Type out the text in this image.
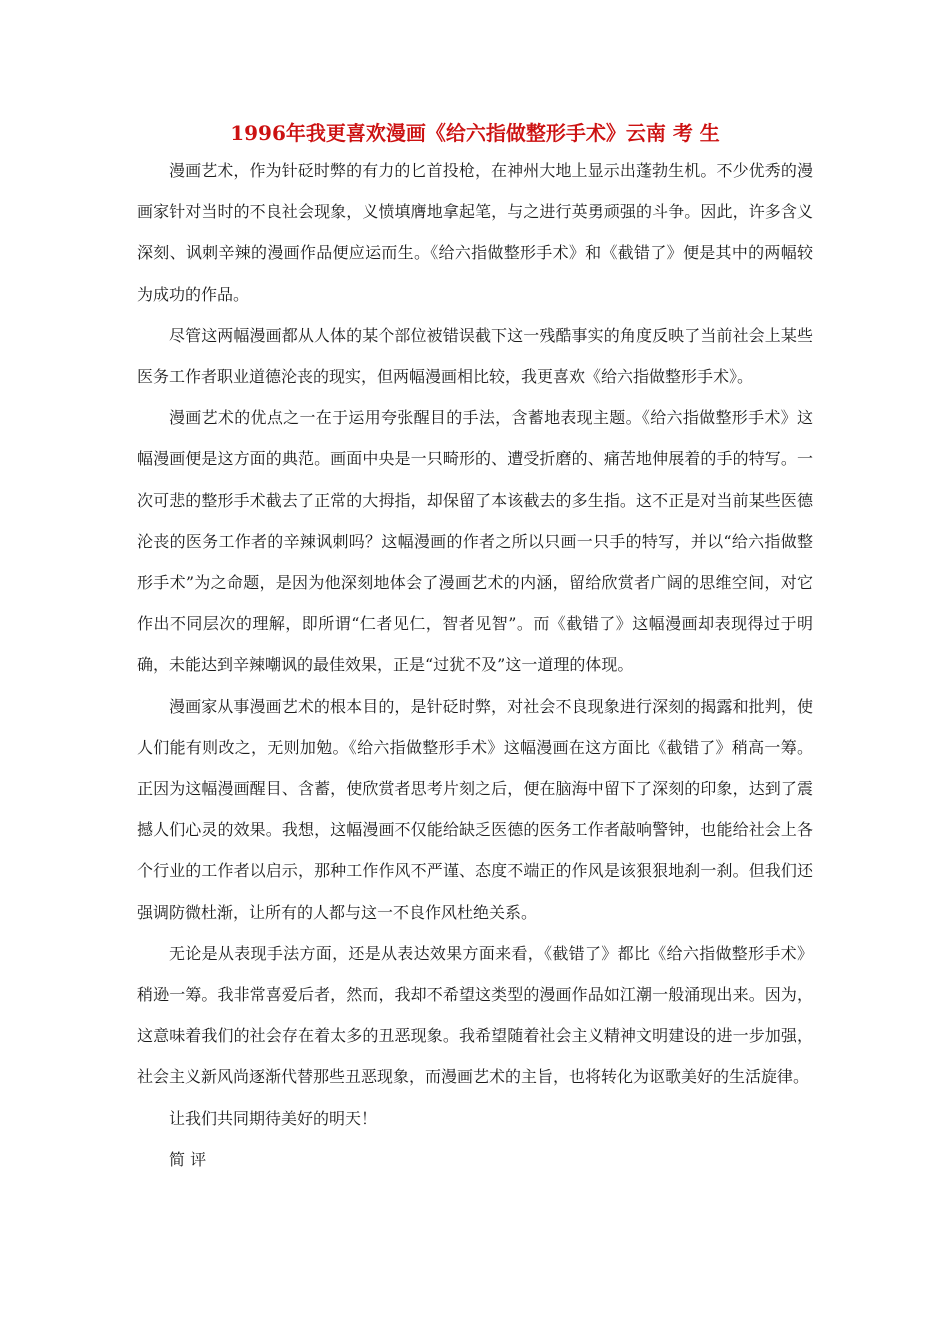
1996年我更喜欢漫画《给六指做整形手术》云南 考 生

漫画艺术，作为针砭时弊的有力的匕首投枪，在神州大地上显示出蓬勃生机。不少优秀的漫画家针对当时的不良社会现象，义愤填膺地拿起笔，与之进行英勇顽强的斗争。因此，许多含义深刻、讽刺辛辣的漫画作品便应运而生。《给六指做整形手术》和《截错了》便是其中的两幅较为成功的作品。

尽管这两幅漫画都从人体的某个部位被错误截下这一残酷事实的角度反映了当前社会上某些医务工作者职业道德沦丧的现实，但两幅漫画相比较，我更喜欢《给六指做整形手术》。

漫画艺术的优点之一在于运用夸张醒目的手法，含蓄地表现主题。《给六指做整形手术》这幅漫画便是这方面的典范。画面中央是一只畸形的、遭受折磨的、痛苦地伸展着的手的特写。一次可悲的整形手术截去了正常的大拇指，却保留了本该截去的多生指。这不正是对当前某些医德沦丧的医务工作者的辛辣讽刺吗？这幅漫画的作者之所以只画一只手的特写，并以“给六指做整形手术”为之命题，是因为他深刻地体会了漫画艺术的内涵，留给欣赏者广阔的思维空间，对它作出不同层次的理解，即所谓“仁者见仁，智者见智”。而《截错了》这幅漫画却表现得过于明确，未能达到辛辣嘲讽的最佳效果，正是“过犹不及”这一道理的体现。

漫画家从事漫画艺术的根本目的，是针砭时弊，对社会不良现象进行深刻的揭露和批判，使人们能有则改之，无则加勉。《给六指做整形手术》这幅漫画在这方面比《截错了》稍高一筹。正因为这幅漫画醒目、含蓄，使欣赏者思考片刻之后，便在脑海中留下了深刻的印象，达到了震撼人们心灵的效果。我想，这幅漫画不仅能给缺乏医德的医务工作者敲响警钟，也能给社会上各个行业的工作者以启示，那种工作作风不严谨、态度不端正的作风是该狠狠地刹一刹。但我们还强调防微杜渐，让所有的人都与这一不良作风杜绝关系。

无论是从表现手法方面，还是从表达效果方面来看，《截错了》都比《给六指做整形手术》稍逊一筹。我非常喜爱后者，然而，我却不希望这类型的漫画作品如江潮一般涌现出来。因为，这意味着我们的社会存在着太多的丑恶现象。我希望随着社会主义精神文明建设的进一步加强，社会主义新风尚逐渐代替那些丑恶现象，而漫画艺术的主旨，也将转化为讴歌美好的生活旋律。

让我们共同期待美好的明天！

简 评
